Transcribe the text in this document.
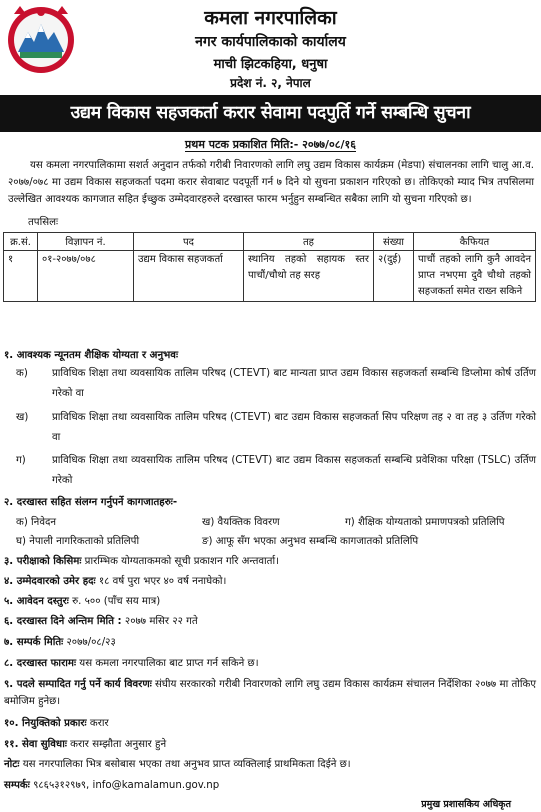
कमला नगरपालिका
नगर कार्यपालिकाको कार्यालय
माची झिटकहिया, धनुषा
प्रदेश नं. २, नेपाल
उद्यम विकास सहजकर्ता करार सेवामा पदपुर्ति गर्ने सम्बन्धि सुचना
प्रथम पटक प्रकाशित मिति:- २०७७/०८/१६
यस कमला नगरपालिकामा सशर्त अनुदान तर्फको गरीबी निवारणको लागि लघु उद्यम विकास कार्यक्रम (मेडपा) संचालनका लागि चालु आ.व. २०७७/०७८ मा उद्यम विकास सहजकर्ता पदमा करार सेवाबाट पदपूर्ती गर्न ७ दिने यो सुचना प्रकाशन गरिएको छ। तोकिएको म्याद भित्र तपसिलमा उल्लेखित आवश्यक कागजात सहित ईच्छुक उम्मेदवारहरुले दरखास्त फारम भर्नुहुन सम्बन्धित सबैका लागि यो सुचना गरिएको छ।
तपसिलः
क्र.सं.	विज्ञापन नं.	पद	तह	संख्या	कैफियत
१	०१-२०७७/०७८	उद्यम विकास सहजकर्ता	स्थानिय तहको सहायक स्तर पाचौं/चौथो तह सरह	२(दुई)	पाचौं तहको लागि कुनै आवदेन प्राप्त नभएमा दुवै चौथो तहको सहजकर्ता समेत राख्न सकिने
१. आवश्यक न्यूनतम शैक्षिक योग्यता र अनुभवः
क) प्राविधिक शिक्षा तथा व्यवसायिक तालिम परिषद (CTEVT) बाट मान्यता प्राप्त उद्यम विकास सहजकर्ता सम्बन्धि डिप्लोमा कोर्ष उर्तिण गरेको वा
ख) प्राविधिक शिक्षा तथा व्यवसायिक तालिम परिषद (CTEVT) बाट उद्यम विकास सहजकर्ता सिप परिक्षण तह २ वा तह ३ उर्तिण गरेको वा
ग)	प्राविधिक शिक्षा तथा व्यवसायिक तालिम परिषद (CTEVT) बाट उद्यम विकास सहजकर्ता सम्बन्धि प्रवेशिका परिक्षा (TSLC) उर्तिण गरेको
२. दरखास्त सहित संलग्न गर्नुपर्ने कागजातहरुः-
क) निवेदन	ख) वैयक्तिक विवरण	ग) शैक्षिक योग्यताको प्रमाणपत्रको प्रतिलिपि
घ) नेपाली नागरिकताको प्रतिलिपी	ङ) आफू सँग भएका अनुभव सम्बन्धि कागजातको प्रतिलिपि
३. परीक्षाको किसिमः प्रारम्भिक योग्यताकमको सूची प्रकाशन गरि अन्तवार्ता।
४. उम्मेदवारको उमेर हदः १८ वर्ष पुरा भएर ४० वर्ष ननाघेको।
५. आवेदन दस्तुरः रु. ५०० (पाँच सय मात्र)
६. दरखास्त दिने अन्तिम मिति : २०७७ मसिर २२ गते
७. सम्पर्क मितिः २०७७/०८/२३
८. दरखास्त फारामः यस कमला नगरपालिका बाट प्राप्त गर्न सकिने छ।
९. पदले सम्पादित गर्नु पर्ने कार्य विवरणः संघीय सरकारको गरीबी निवारणको लागि लघु उद्यम विकास कार्यक्रम संचालन निर्देशिका २०७७ मा तोकिए बमोजिम हुनेछ।
१०. नियुक्तिको प्रकारः करार
११. सेवा सुविधाः करार सम्झौता अनुसार हुने
नोटः यस नगरपालिका भित्र बसोबास भएका तथा अनुभव प्राप्त व्यक्तिलाई प्राथमिकता दिईने छ।
सम्पर्कः ९८६५३१२९७९, info@kamalamun.gov.np
प्रमुख प्रशासकिय अधिकृत
